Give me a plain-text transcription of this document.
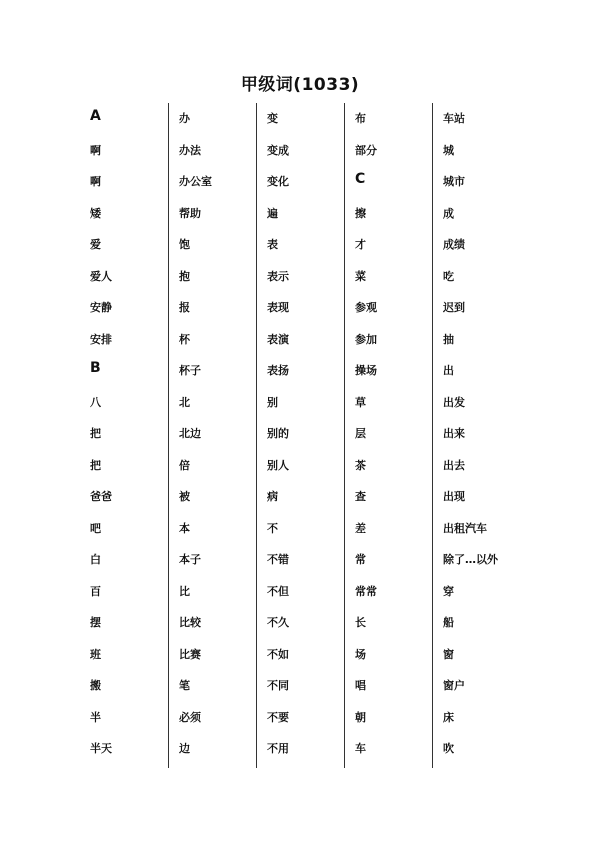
甲级词(1033)
A
啊
啊
矮
爱
爱人
安静
安排
B
八
把
把
爸爸
吧
白
百
摆
班
搬
半
半天
办
办法
办公室
帮助
饱
抱
报
杯
杯子
北
北边
倍
被
本
本子
比
比较
比赛
笔
必须
边
变
变成
变化
遍
表
表示
表现
表演
表扬
别
别的
别人
病
不
不错
不但
不久
不如
不同
不要
不用
布
部分
C
擦
才
菜
参观
参加
操场
草
层
茶
查
差
常
常常
长
场
唱
朝
车
车站
城
城市
成
成绩
吃
迟到
抽
出
出发
出来
出去
出现
出租汽车
除了…以外
穿
船
窗
窗户
床
吹
